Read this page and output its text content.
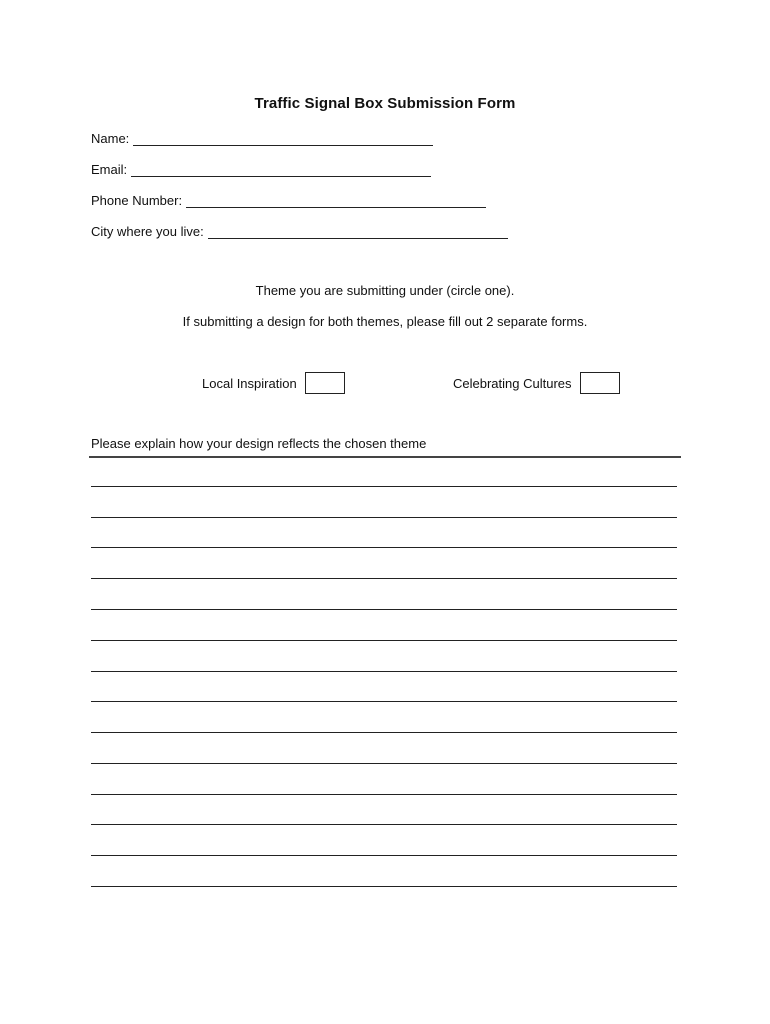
Traffic Signal Box Submission Form
Name:
Email:
Phone Number:
City where you live:
Theme you are submitting under (circle one).
If submitting a design for both themes, please fill out 2 separate forms.
Local Inspiration	Celebrating Cultures
Please explain how your design reflects the chosen theme
